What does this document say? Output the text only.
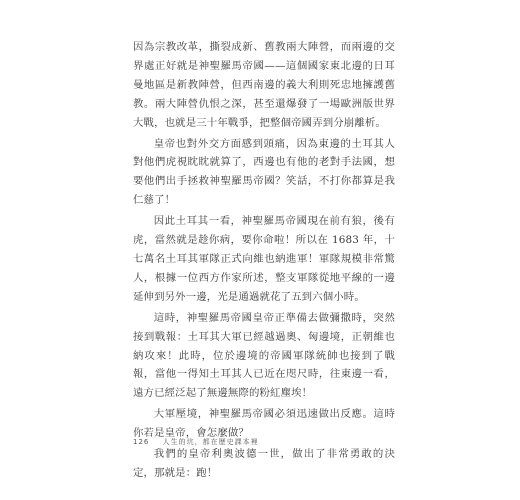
因為宗教改革，撕裂成新、舊教兩大陣營，而兩邊的交界處正好就是神聖羅馬帝國——這個國家東北邊的日耳曼地區是新教陣營，但西南邊的義大利則死忠地擁護舊教。兩大陣營仇恨之深，甚至還爆發了一場歐洲版世界大戰，也就是三十年戰爭，把整個帝國弄到分崩離析。

皇帝也對外交方面感到頭痛，因為東邊的土耳其人對他們虎視眈眈就算了，西邊也有他的老對手法國，想要他們出手拯救神聖羅馬帝國？笑話，不打你都算是我仁慈了！

因此土耳其一看，神聖羅馬帝國現在前有狼，後有虎，當然就是趁你病，要你命啦！所以在 1683 年，十七萬名土耳其軍隊正式向維也納進軍！軍隊規模非常驚人，根據一位西方作家所述，整支軍隊從地平線的一邊延伸到另外一邊，光是通過就花了五到六個小時。

這時，神聖羅馬帝國皇帝正準備去做彌撒時，突然接到戰報：土耳其大軍已經越過奧、匈邊境，正朝維也納攻來！此時，位於邊境的帝國軍隊統帥也接到了戰報，當他一得知土耳其人已近在咫尺時，往東邊一看，遠方已經泛起了無邊無際的粉紅塵埃！

大軍壓境，神聖羅馬帝國必須迅速做出反應。這時你若是皇帝，會怎麼做？

我們的皇帝利奧波德一世，做出了非常勇敢的決定，那就是：跑！

126 人生的坑，都在歷史課本裡
